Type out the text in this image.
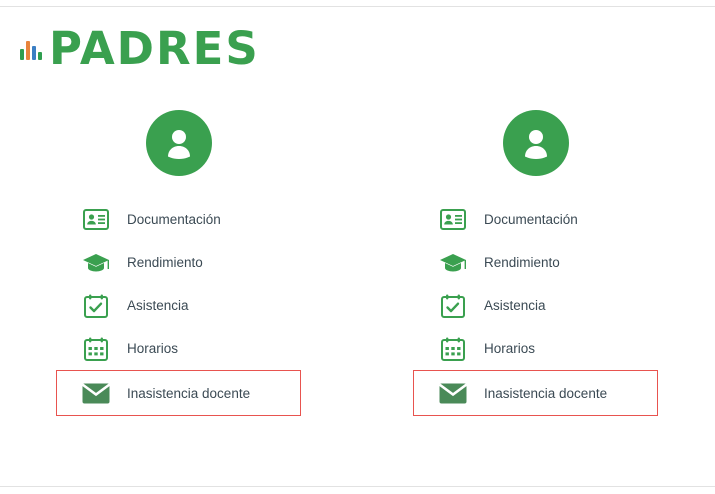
PADRES
Documentación
Rendimiento
Asistencia
Horarios
Inasistencia docente
Documentación
Rendimiento
Asistencia
Horarios
Inasistencia docente
